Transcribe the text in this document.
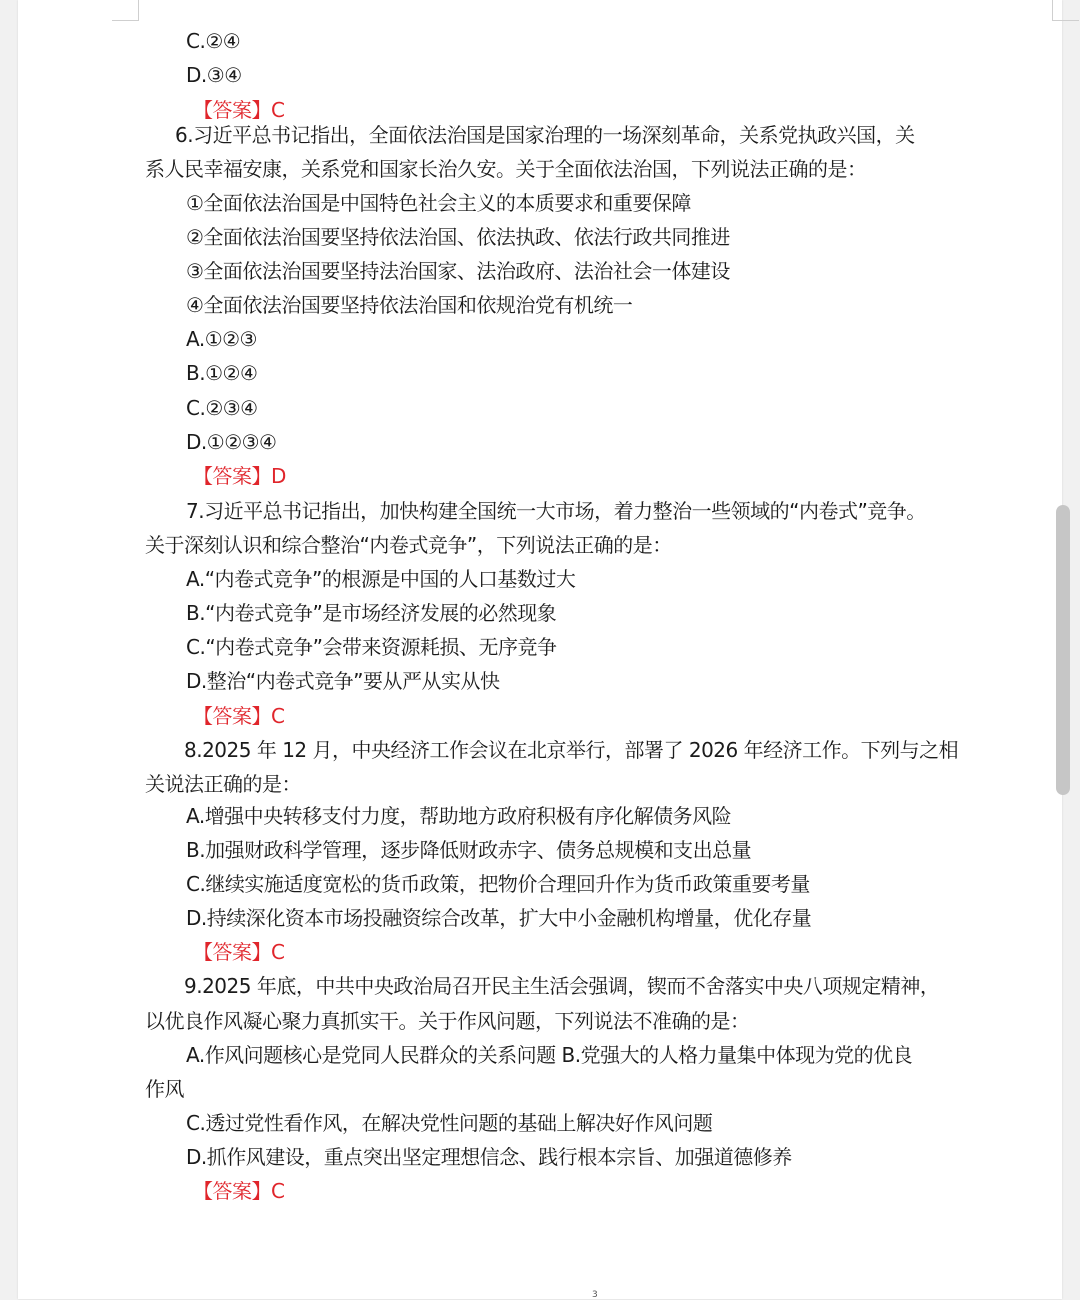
C.②④
D.③④
【答案】C
6.习近平总书记指出，全面依法治国是国家治理的一场深刻革命，关系党执政兴国，关
系人民幸福安康，关系党和国家长治久安。关于全面依法治国，下列说法正确的是：
①全面依法治国是中国特色社会主义的本质要求和重要保障
②全面依法治国要坚持依法治国、依法执政、依法行政共同推进
③全面依法治国要坚持法治国家、法治政府、法治社会一体建设
④全面依法治国要坚持依法治国和依规治党有机统一
A.①②③
B.①②④
C.②③④
D.①②③④
【答案】D
7.习近平总书记指出，加快构建全国统一大市场，着力整治一些领域的“内卷式”竞争。
关于深刻认识和综合整治“内卷式竞争”，下列说法正确的是：
A.“内卷式竞争”的根源是中国的人口基数过大
B.“内卷式竞争”是市场经济发展的必然现象
C.“内卷式竞争”会带来资源耗损、无序竞争
D.整治“内卷式竞争”要从严从实从快
【答案】C
8.2025 年 12 月，中央经济工作会议在北京举行，部署了 2026 年经济工作。下列与之相
关说法正确的是：
A.增强中央转移支付力度，帮助地方政府积极有序化解债务风险
B.加强财政科学管理，逐步降低财政赤字、债务总规模和支出总量
C.继续实施适度宽松的货币政策，把物价合理回升作为货币政策重要考量
D.持续深化资本市场投融资综合改革，扩大中小金融机构增量，优化存量
【答案】C
9.2025 年底，中共中央政治局召开民主生活会强调，锲而不舍落实中央八项规定精神，
以优良作风凝心聚力真抓实干。关于作风问题，下列说法不准确的是：
A.作风问题核心是党同人民群众的关系问题 B.党强大的人格力量集中体现为党的优良
作风
C.透过党性看作风，在解决党性问题的基础上解决好作风问题
D.抓作风建设，重点突出坚定理想信念、践行根本宗旨、加强道德修养
【答案】C
3
